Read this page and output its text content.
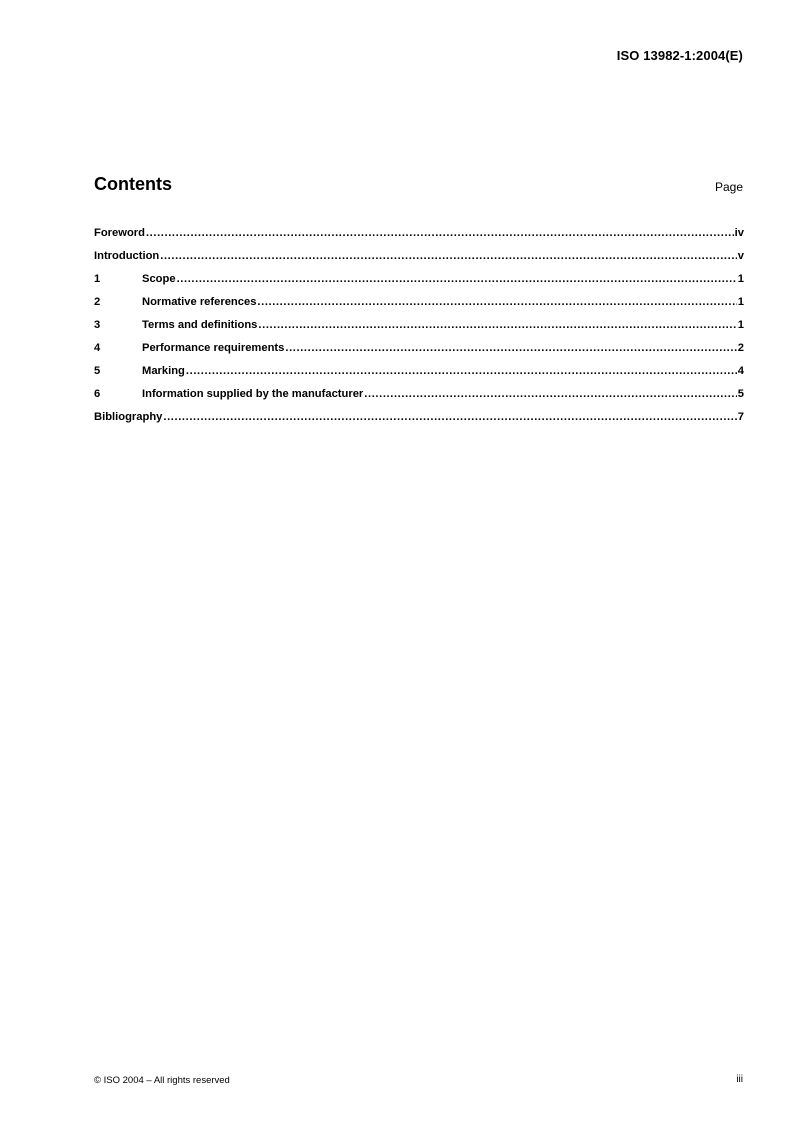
ISO 13982-1:2004(E)
Contents	Page
Foreword .....	iv
Introduction .....	v
1	Scope .....	1
2	Normative references .....	1
3	Terms and definitions .....	1
4	Performance requirements .....	2
5	Marking .....	4
6	Information supplied by the manufacturer .....	5
Bibliography .....	7
© ISO 2004 – All rights reserved	iii
